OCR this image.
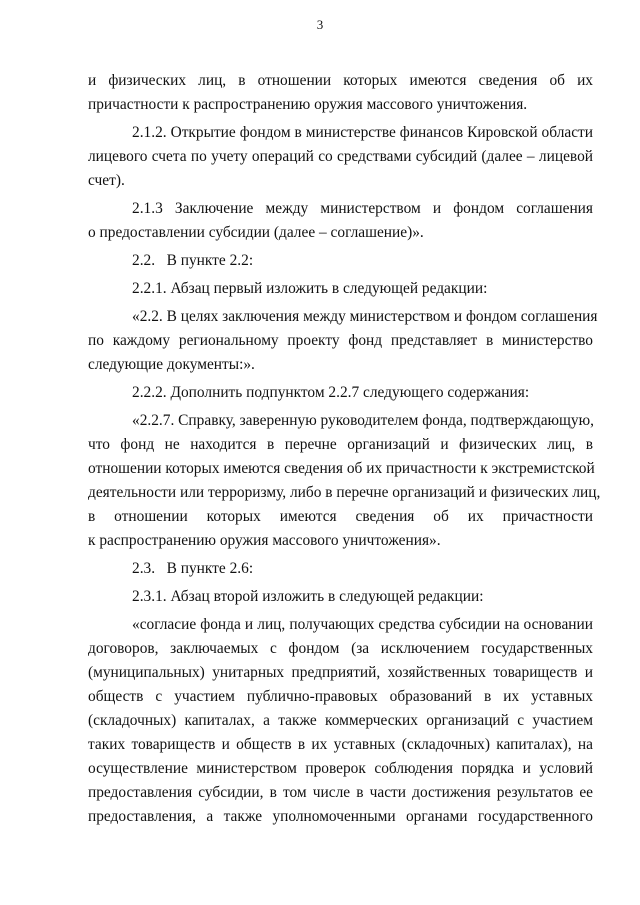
3
и физических лиц, в отношении которых имеются сведения об их
причастности к распространению оружия массового уничтожения.
2.1.2. Открытие фондом в министерстве финансов Кировской области
лицевого счета по учету операций со средствами субсидий (далее – лицевой
счет).
2.1.3 Заключение между министерством и фондом соглашения
о предоставлении субсидии (далее – соглашение)».
2.2.   В пункте 2.2:
2.2.1. Абзац первый изложить в следующей редакции:
«2.2. В целях заключения между министерством и фондом соглашения
по каждому региональному проекту фонд представляет в министерство
следующие документы:».
2.2.2. Дополнить подпунктом 2.2.7 следующего содержания:
«2.2.7. Справку, заверенную руководителем фонда, подтверждающую,
что фонд не находится в перечне организаций и физических лиц, в
отношении которых имеются сведения об их причастности к экстремистской
деятельности или терроризму, либо в перечне организаций и физических лиц,
в отношении которых имеются сведения об их причастности
к распространению оружия массового уничтожения».
2.3.   В пункте 2.6:
2.3.1. Абзац второй изложить в следующей редакции:
«согласие фонда и лиц, получающих средства субсидии на основании
договоров, заключаемых с фондом (за исключением государственных
(муниципальных) унитарных предприятий, хозяйственных товариществ и
обществ с участием публично-правовых образований в их уставных
(складочных) капиталах, а также коммерческих организаций с участием
таких товариществ и обществ в их уставных (складочных) капиталах), на
осуществление министерством проверок соблюдения порядка и условий
предоставления субсидии, в том числе в части достижения результатов ее
предоставления, а также уполномоченными органами государственного
